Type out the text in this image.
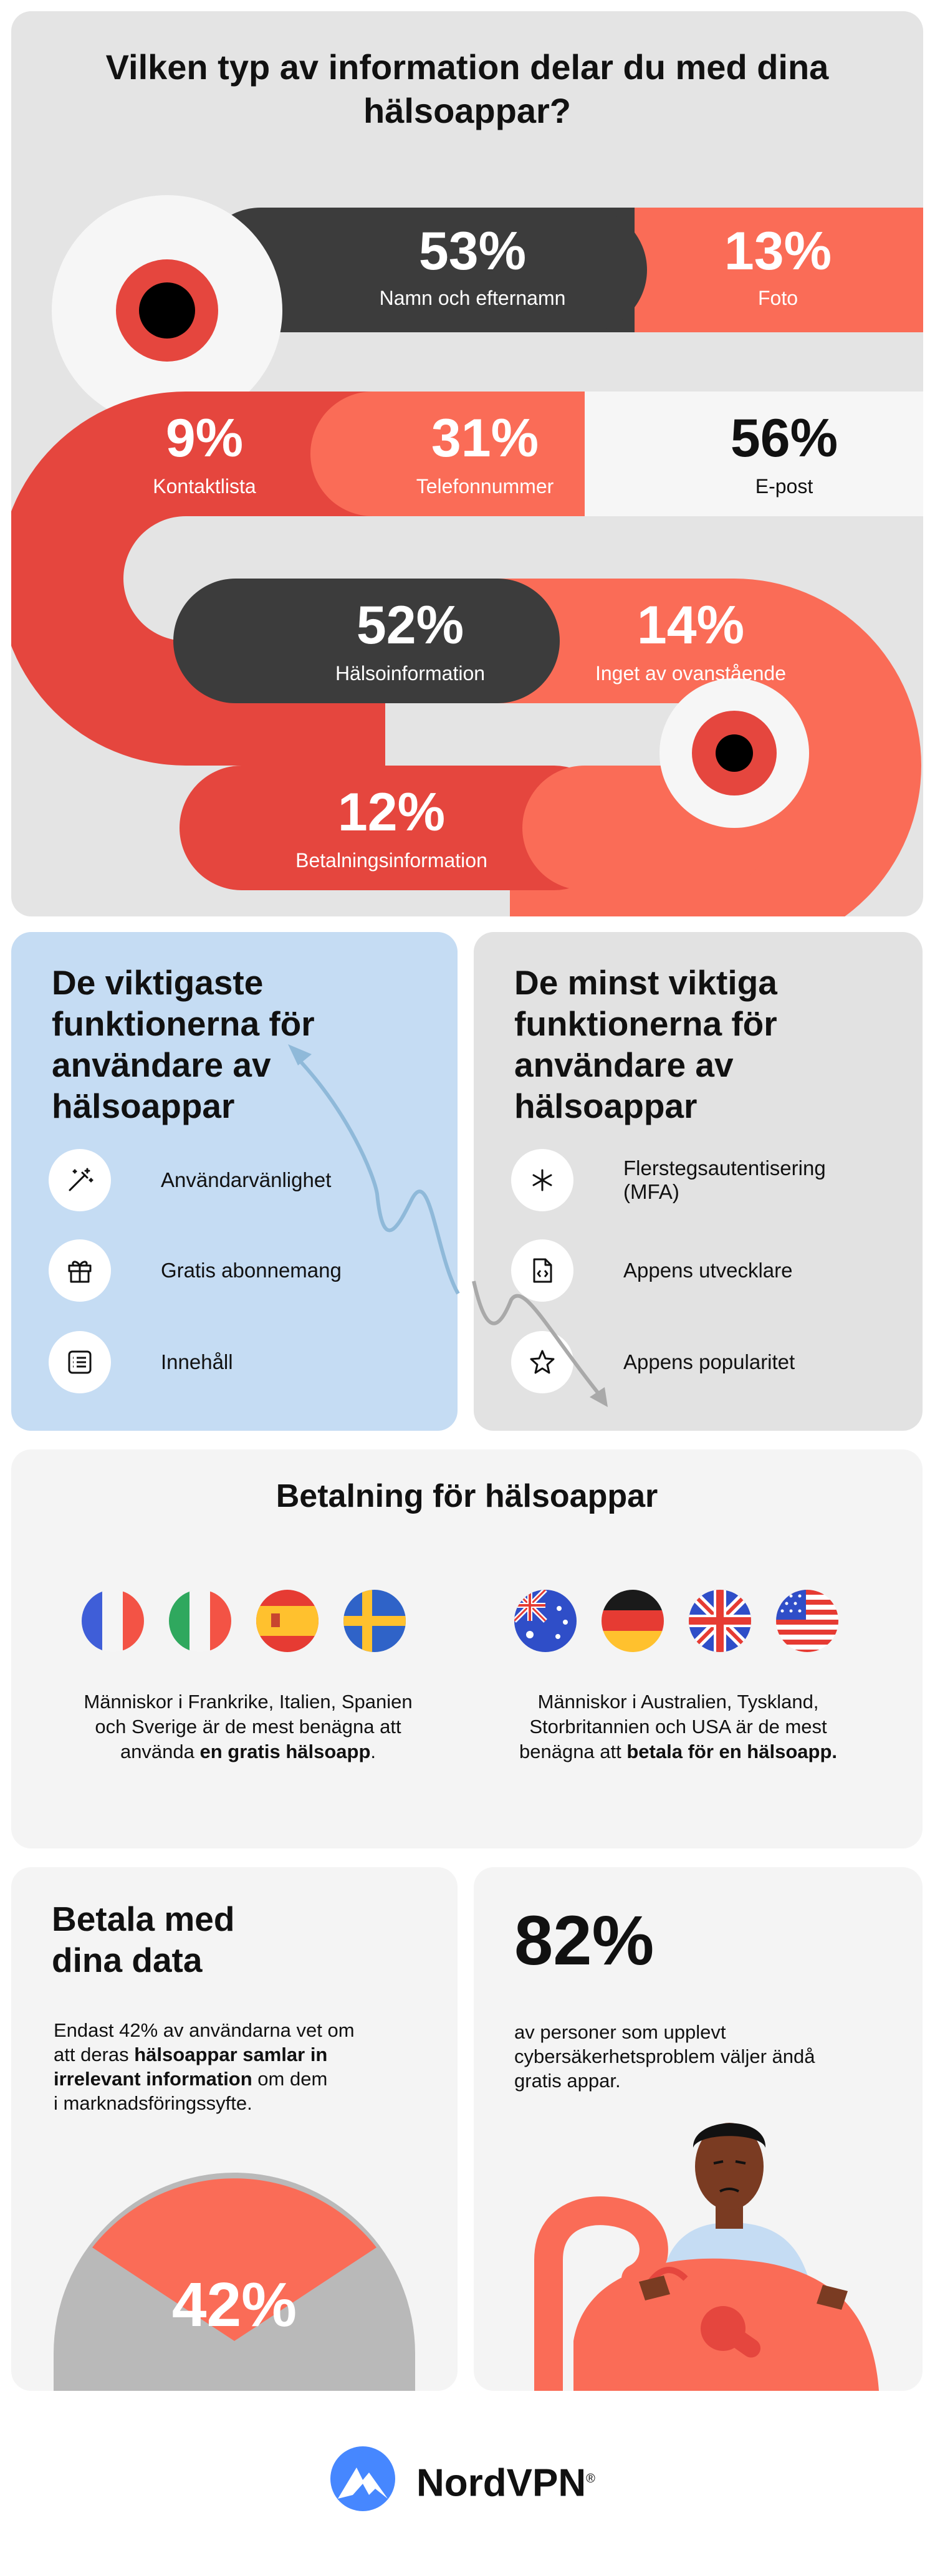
Vilken typ av information delar du med dina hälsoappar?
53%
Namn och efternamn
13%
Foto
9%
Kontaktlista
31%
Telefonnummer
56%
E-post
52%
Hälsoinformation
14%
Inget av ovanstående
12%
Betalningsinformation
De viktigaste funktionerna för användare av hälsoappar
Användarvänlighet
Gratis abonnemang
Innehåll
De minst viktiga funktionerna för användare av hälsoappar
Flerstegsautentisering
(MFA)
Appens utvecklare
Appens popularitet
Betalning för hälsoappar
Människor i Frankrike, Italien, Spanien
och Sverige är de mest benägna att
använda en gratis hälsoapp.
Människor i Australien, Tyskland,
Storbritannien och USA är de mest
benägna att betala för en hälsoapp.
Betala med
dina data
Endast 42% av användarna vet om
att deras hälsoappar samlar in
irrelevant information om dem
i marknadsföringssyfte.
42%
82%
av personer som upplevt
cybersäkerhetsproblem väljer ändå
gratis appar.
NordVPN®
